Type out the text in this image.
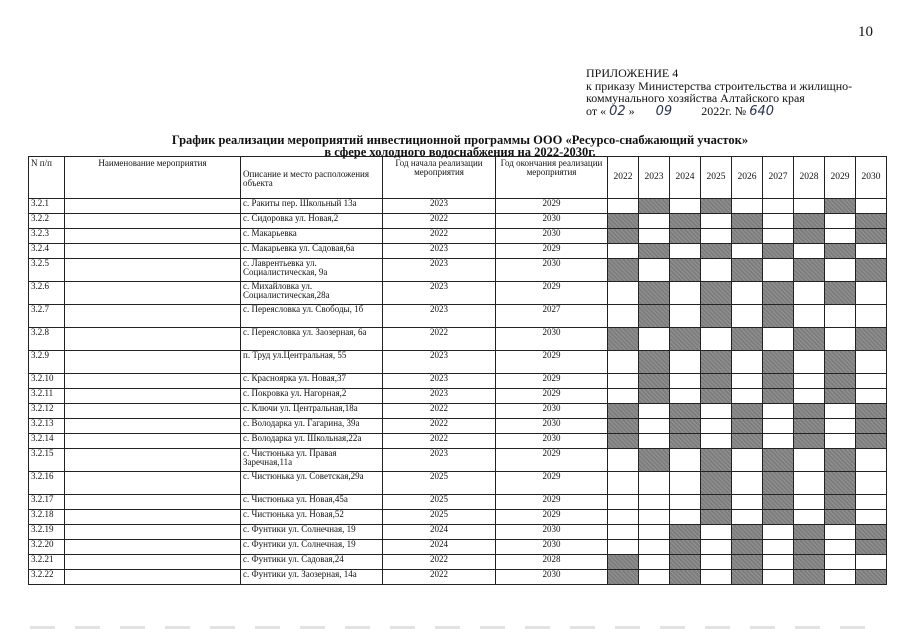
10
ПРИЛОЖЕНИЕ 4
к приказу Министерства строительства и жилищно-
коммунального хозяйства Алтайского края
от « 02 » 09 2022г. № 640
График реализации мероприятий инвестиционной программы ООО «Ресурсо-снабжающий участок»
в сфере холодного водоснабжения на 2022-2030г.
N п/п	Наименование мероприятия	Описание и место расположения объекта	Год начала реализации мероприятия	Год окончания реализации мероприятия	2022	2023	2024	2025	2026	2027	2028	2029	2030
3.2.1		с. Ракиты пер. Школьный 13а	2023	2029									
3.2.2		с. Сидоровка ул. Новая,2	2022	2030									
3.2.3		с. Макарьевка	2022	2030									
3.2.4		с. Макарьевка ул. Садовая,6а	2023	2029									
3.2.5		с. Лаврентьевка ул. Социалистическая, 9а	2023	2030									
3.2.6		с. Михайловка ул. Социалистическая,28а	2023	2029									
3.2.7		с. Переясловка ул. Свободы, 1б	2023	2027									
3.2.8		с. Переясловка ул. Заозерная, 6а	2022	2030									
3.2.9		п. Труд ул.Центральная, 55	2023	2029									
3.2.10		с. Краснoярка ул. Новая,37	2023	2029									
3.2.11		с. Покровка ул. Нагорная,2	2023	2029									
3.2.12		с. Ключи ул. Центральная,18а	2022	2030									
3.2.13		с. Володарка ул. Гагарина, 39а	2022	2030									
3.2.14		с. Володарка ул. Школьная,22а	2022	2030									
3.2.15		с. Чистюнька ул. Правая Заречная,11а	2023	2029									
3.2.16		с. Чистюнька ул. Советская,29а	2025	2029									
3.2.17		с. Чистюнька ул. Новая,45а	2025	2029									
3.2.18		с. Чистюнька ул. Новая,52	2025	2029									
3.2.19		с. Фунтики ул. Солнечная, 19	2024	2030									
3.2.20		с. Фунтики ул. Солнечная, 19	2024	2030									
3.2.21		с. Фунтики ул. Садовая,24	2022	2028									
3.2.22		с. Фунтики ул. Заозерная, 14а	2022	2030									
